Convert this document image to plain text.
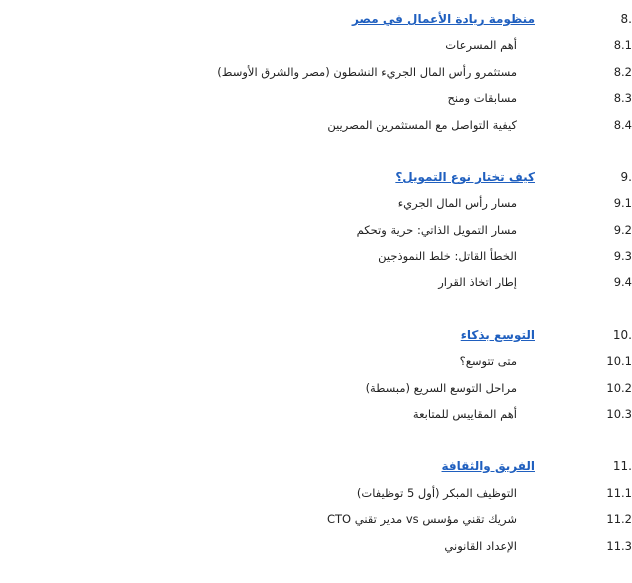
8.
منظومة ريادة الأعمال في مصر
8.1
أهم المسرعات
8.2
مستثمرو رأس المال الجريء النشطون (مصر والشرق الأوسط)
8.3
مسابقات ومنح
8.4
كيفية التواصل مع المستثمرين المصريين
9.
كيف تختار نوع التمويل؟
9.1
مسار رأس المال الجريء
9.2
مسار التمويل الذاتي: حرية وتحكم
9.3
الخطأ القاتل: خلط النموذجين
9.4
إطار اتخاذ القرار
10.
التوسع بذكاء
10.1
متى تتوسع؟
10.2
مراحل التوسع السريع (مبسطة)
10.3
أهم المقاييس للمتابعة
11.
الفريق والثقافة
11.1
التوظيف المبكر (أول 5 توظيفات)
11.2
شريك تقني مؤسس vs مدير تقني CTO
11.3
الإعداد القانوني
